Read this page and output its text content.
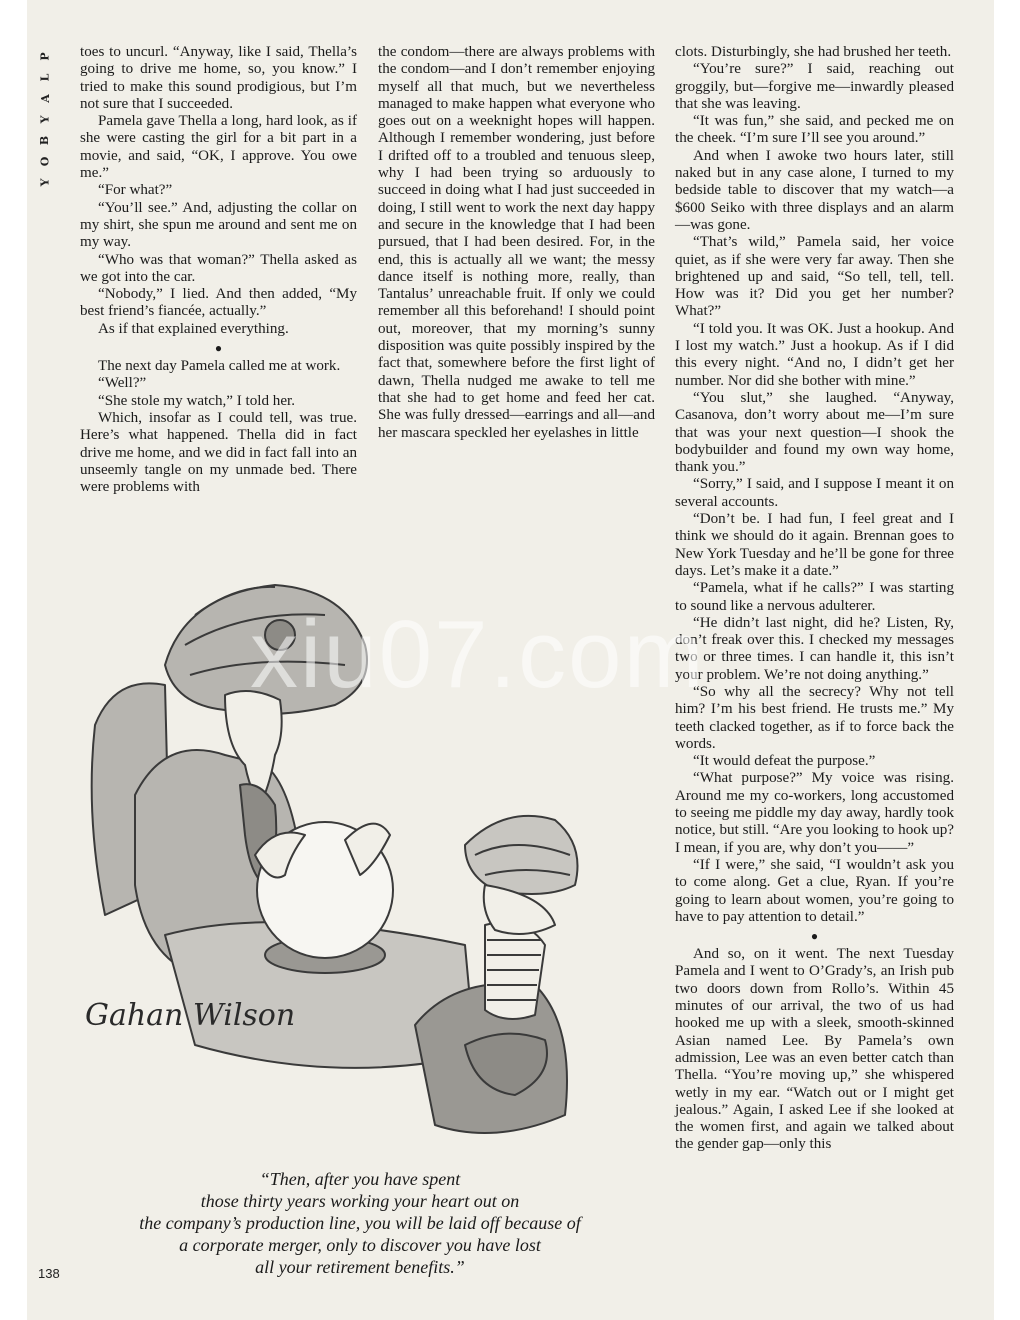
P
L
A
Y
B
O
Y

toes to uncurl. “Anyway, like I said, Thella’s going to drive me home, so, you know.” I tried to make this sound prodigious, but I’m not sure that I succeeded.

Pamela gave Thella a long, hard look, as if she were casting the girl for a bit part in a movie, and said, “OK, I approve. You owe me.”

“For what?”

“You’ll see.” And, adjusting the collar on my shirt, she spun me around and sent me on my way.

“Who was that woman?” Thella asked as we got into the car.

“Nobody,” I lied. And then added, “My best friend’s fiancée, actually.”

As if that explained everything.

●

The next day Pamela called me at work.

“Well?”

“She stole my watch,” I told her.

Which, insofar as I could tell, was true. Here’s what happened. Thella did in fact drive me home, and we did in fact fall into an unseemly tangle on my unmade bed. There were problems with

the condom—there are always problems with the condom—and I don’t remember enjoying myself all that much, but we nevertheless managed to make happen what everyone who goes out on a weeknight hopes will happen. Although I remember wondering, just before I drifted off to a troubled and tenuous sleep, why I had been trying so arduously to succeed in doing what I had just succeeded in doing, I still went to work the next day happy and secure in the knowledge that I had been pursued, that I had been desired. For, in the end, this is actually all we want; the messy dance itself is nothing more, really, than Tantalus’ unreachable fruit. If only we could remember all this beforehand! I should point out, moreover, that my morning’s sunny disposition was quite possibly inspired by the fact that, somewhere before the first light of dawn, Thella nudged me awake to tell me that she had to get home and feed her cat. She was fully dressed—earrings and all—and her mascara speckled her eyelashes in little

clots. Disturbingly, she had brushed her teeth.

“You’re sure?” I said, reaching out groggily, but—forgive me—inwardly pleased that she was leaving.

“It was fun,” she said, and pecked me on the cheek. “I’m sure I’ll see you around.”

And when I awoke two hours later, still naked but in any case alone, I turned to my bedside table to discover that my watch—a $600 Seiko with three displays and an alarm—was gone.

“That’s wild,” Pamela said, her voice quiet, as if she were very far away. Then she brightened up and said, “So tell, tell, tell. How was it? Did you get her number? What?”

“I told you. It was OK. Just a hookup. And I lost my watch.” Just a hookup. As if I did this every night. “And no, I didn’t get her number. Nor did she bother with mine.”

“You slut,” she laughed. “Anyway, Casanova, don’t worry about me—I’m sure that was your next question—I shook the bodybuilder and found my own way home, thank you.”

“Sorry,” I said, and I suppose I meant it on several accounts.

“Don’t be. I had fun, I feel great and I think we should do it again. Brennan goes to New York Tuesday and he’ll be gone for three days. Let’s make it a date.”

“Pamela, what if he calls?” I was starting to sound like a nervous adulterer.

“He didn’t last night, did he? Listen, Ry, don’t freak over this. I checked my messages two or three times. I can handle it, this isn’t your problem. We’re not doing anything.”

“So why all the secrecy? Why not tell him? I’m his best friend. He trusts me.” My teeth clacked together, as if to force back the words.

“It would defeat the purpose.”

“What purpose?” My voice was rising. Around me my co-workers, long accustomed to seeing me piddle my day away, hardly took notice, but still. “Are you looking to hook up? I mean, if you are, why don’t you——”

“If I were,” she said, “I wouldn’t ask you to come along. Get a clue, Ryan. If you’re going to learn about women, you’re going to have to pay attention to detail.”

●

And so, on it went. The next Tuesday Pamela and I went to O’Grady’s, an Irish pub two doors down from Rollo’s. Within 45 minutes of our arrival, the two of us had hooked me up with a sleek, smooth-skinned Asian named Lee. By Pamela’s own admission, Lee was an even better catch than Thella. “You’re moving up,” she whispered wetly in my ear. “Watch out or I might get jealous.” Again, I asked Lee if she looked at the women first, and again we talked about the gender gap—only this

Gahan Wilson
“Then, after you have spent
those thirty years working your heart out on
the company’s production line, you will be laid off because of
a corporate merger, only to discover you have lost
all your retirement benefits.”
138
xiu07.com
